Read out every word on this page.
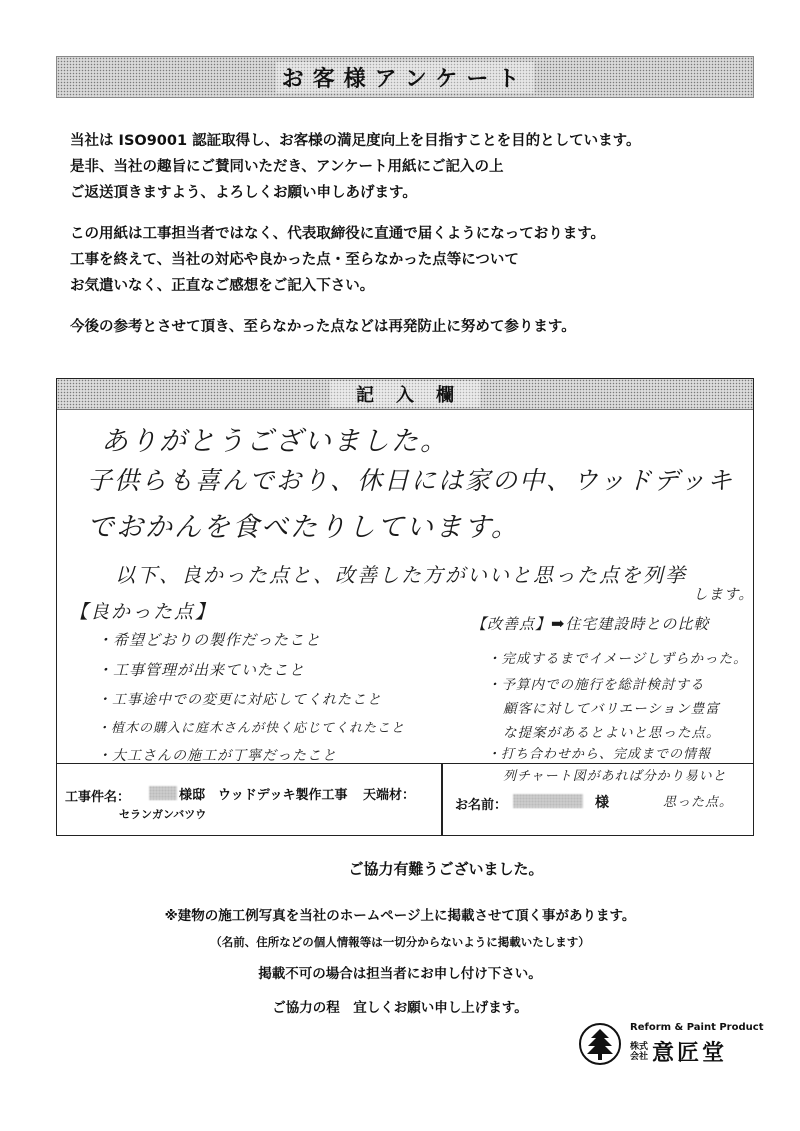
お客様アンケート

当社は ISO9001 認証取得し、お客様の満足度向上を目指すことを目的としています。
是非、当社の趣旨にご賛同いただき、アンケート用紙にご記入の上
ご返送頂きますよう、よろしくお願い申しあげます。

この用紙は工事担当者ではなく、代表取締役に直通で届くようになっております。
工事を終えて、当社の対応や良かった点・至らなかった点等について
お気遣いなく、正直なご感想をご記入下さい。

今後の参考とさせて頂き、至らなかった点などは再発防止に努めて参ります。

記入欄
ありがとうございました。
子供らも喜んでおり、休日には家の中、ウッドデッキ
でおかんを食べたりしています。
以下、良かった点と、改善した方がいいと思った点を列挙
します。
【良かった点】
・希望どおりの製作だったこと
・工事管理が出来ていたこと
・工事途中での変更に対応してくれたこと
・植木の購入に庭木さんが快く応じてくれたこと
・大工さんの施工が丁寧だったこと
【改善点】➡住宅建設時との比較
・完成するまでイメージしずらかった。
・予算内での施行を総計検討する
顧客に対してバリエーション豊富
な提案があるとよいと思った点。
・打ち合わせから、完成までの情報
列チャート図があれば分かり易いと
思った点。
工事件名：	様邸　ウッドデッキ製作工事 天端材：
セランガンバツウ
お名前：	様
ご協力有難うございました。
※建物の施工例写真を当社のホームページ上に掲載させて頂く事があります。
（名前、住所などの個人情報等は一切分からないように掲載いたします）
掲載不可の場合は担当者にお申し付け下さい。
ご協力の程　宜しくお願い申し上げます。
Reform & Paint Product
株式会社 意匠堂
